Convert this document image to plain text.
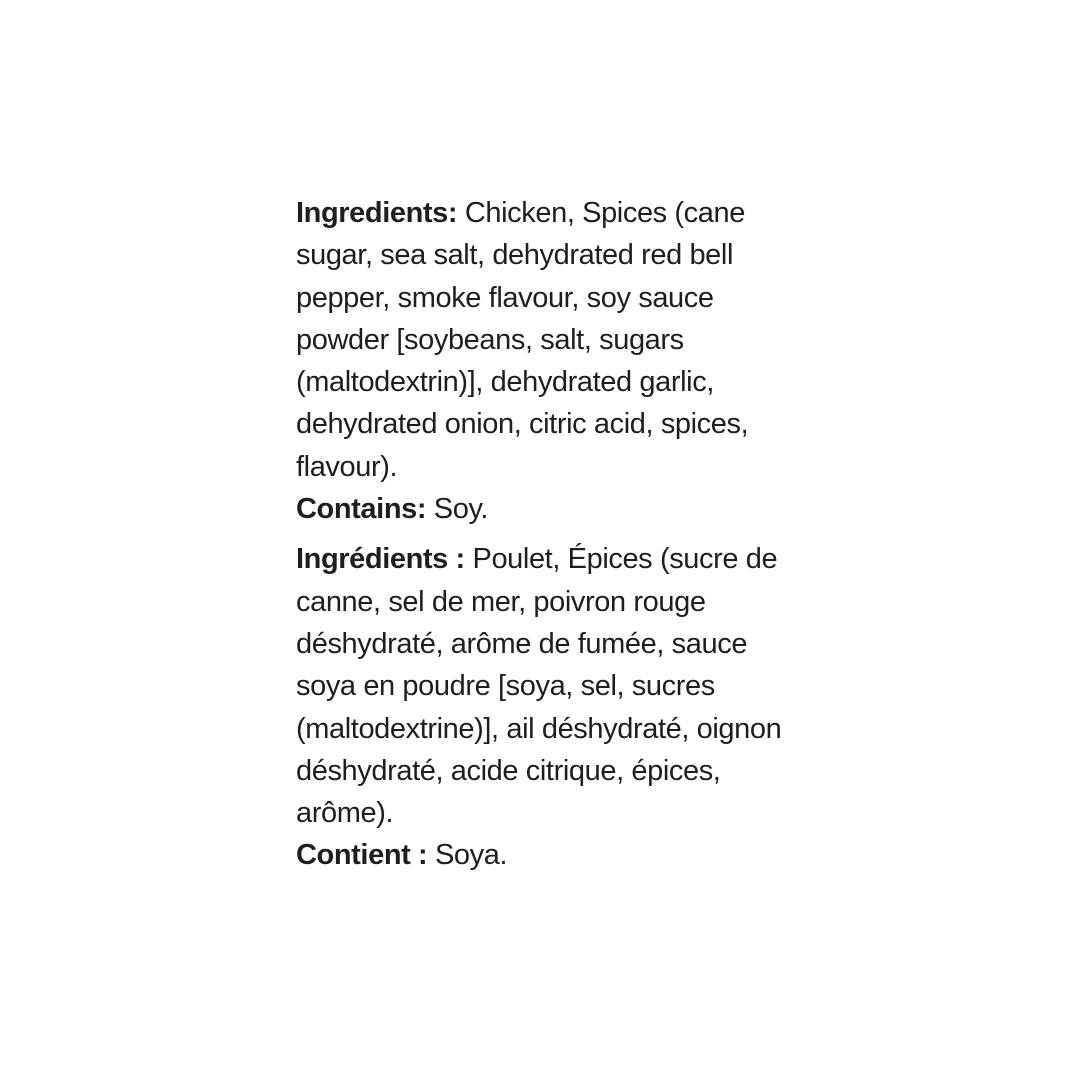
Ingredients: Chicken, Spices (cane
sugar, sea salt, dehydrated red bell
pepper, smoke flavour, soy sauce
powder [soybeans, salt, sugars
(maltodextrin)], dehydrated garlic,
dehydrated onion, citric acid, spices,
flavour).
Contains: Soy.
Ingrédients : Poulet, Épices (sucre de
canne, sel de mer, poivron rouge
déshydraté, arôme de fumée, sauce
soya en poudre [soya, sel, sucres
(maltodextrine)], ail déshydraté, oignon
déshydraté, acide citrique, épices,
arôme).
Contient : Soya.
